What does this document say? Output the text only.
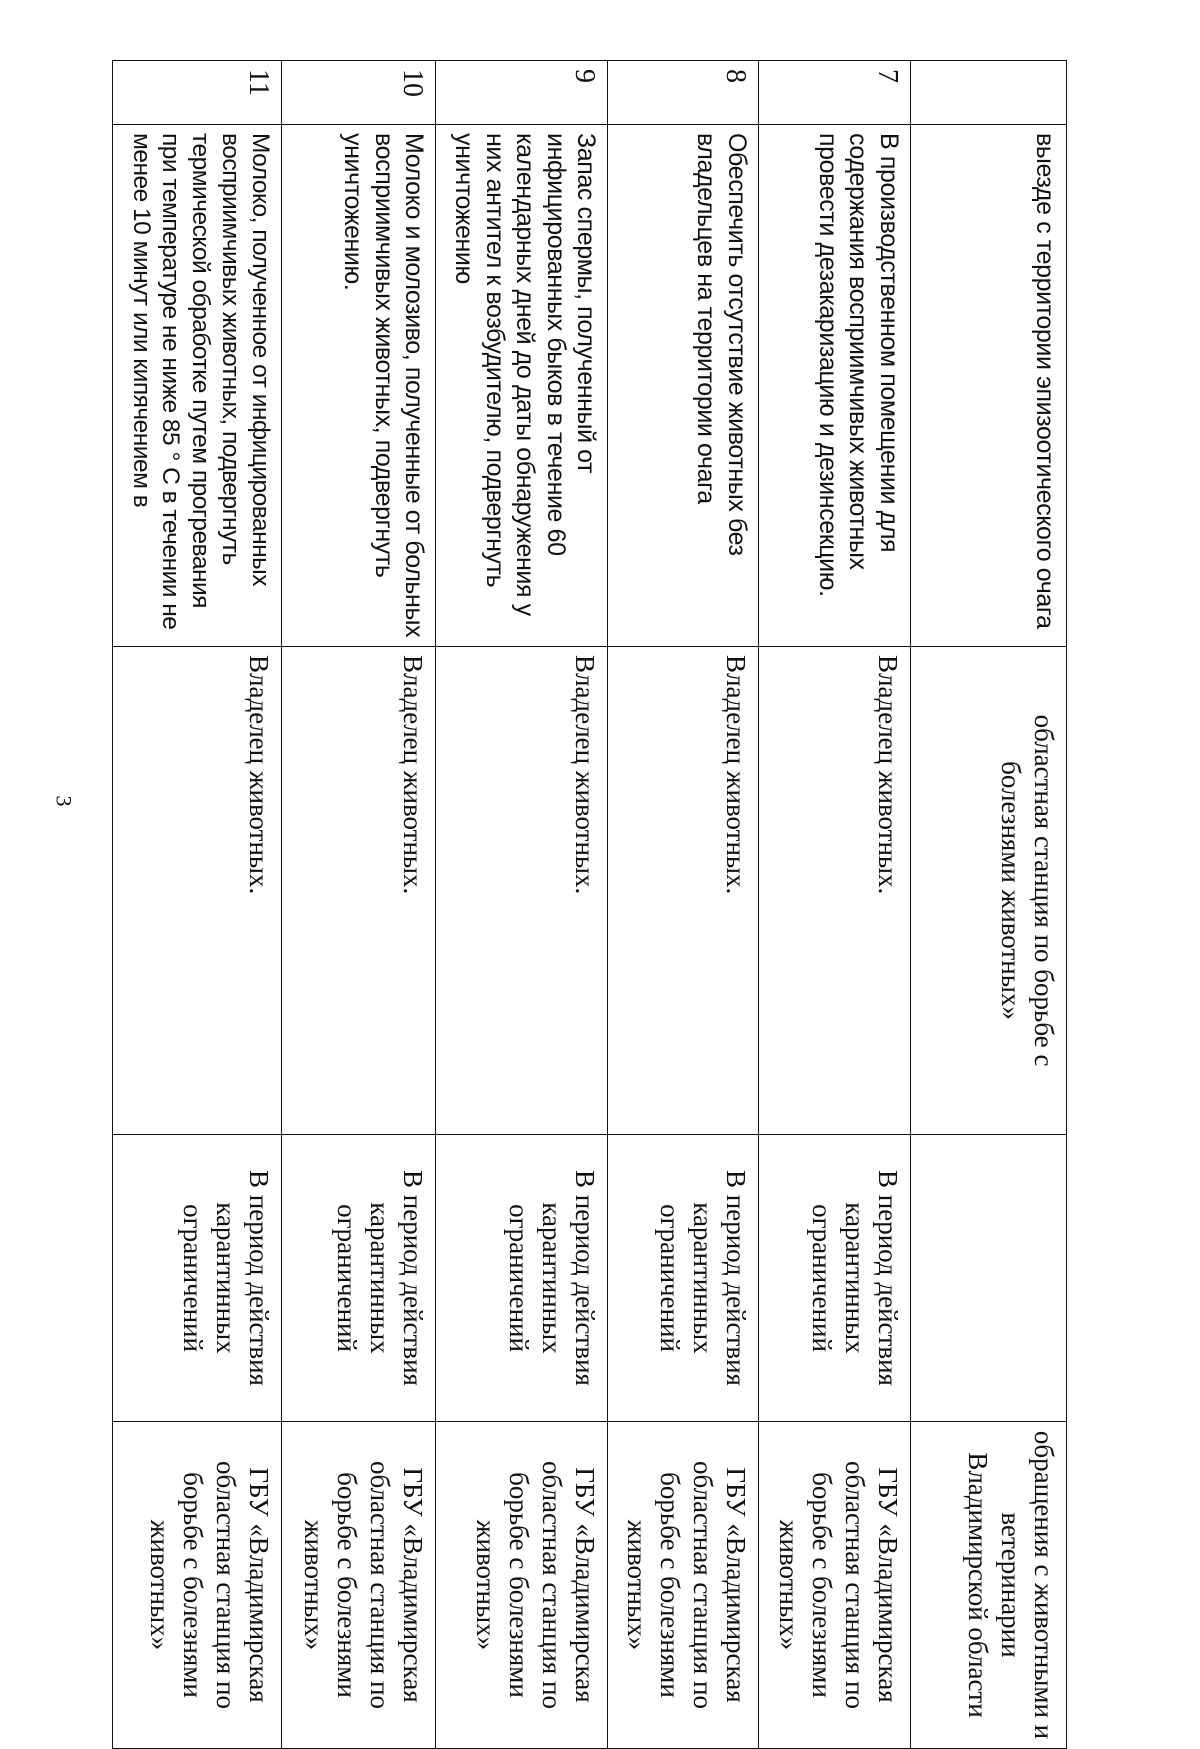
3
	выезде с территории эпизоотического очага	областная станция по борьбе с болезнями животных»		обращения с животными и ветеринарии Владимирской области
7	В производственном помещении для содержания восприимчивых животных провести дезакаризацию и дезинсекцию.	Владелец животных.	В период действия карантинных ограничений	ГБУ «Владимирская областная станция по борьбе с болезнями животных»
8	Обеспечить отсутствие животных без владельцев на территории очага	Владелец животных.	В период действия карантинных ограничений	ГБУ «Владимирская областная станция по борьбе с болезнями животных»
9	Запас спермы, полученный от инфицированных быков в течение 60 календарных дней до даты обнаружения у них антител к возбудителю, подвергнуть уничтожению	Владелец животных.	В период действия карантинных ограничений	ГБУ «Владимирская областная станция по борьбе с болезнями животных»
10	Молоко и молозиво, полученные от больных восприимчивых животных, подвергнуть уничтожению.	Владелец животных.	В период действия карантинных ограничений	ГБУ «Владимирская областная станция по борьбе с болезнями животных»
11	Молоко, полученное от инфицированных восприимчивых животных, подвергнуть термической обработке путем прогревания при температуре не ниже 85 ° С в течении не менее 10 минут или кипячением в	Владелец животных.	В период действия карантинных ограничений	ГБУ «Владимирская областная станция по борьбе с болезнями животных»
